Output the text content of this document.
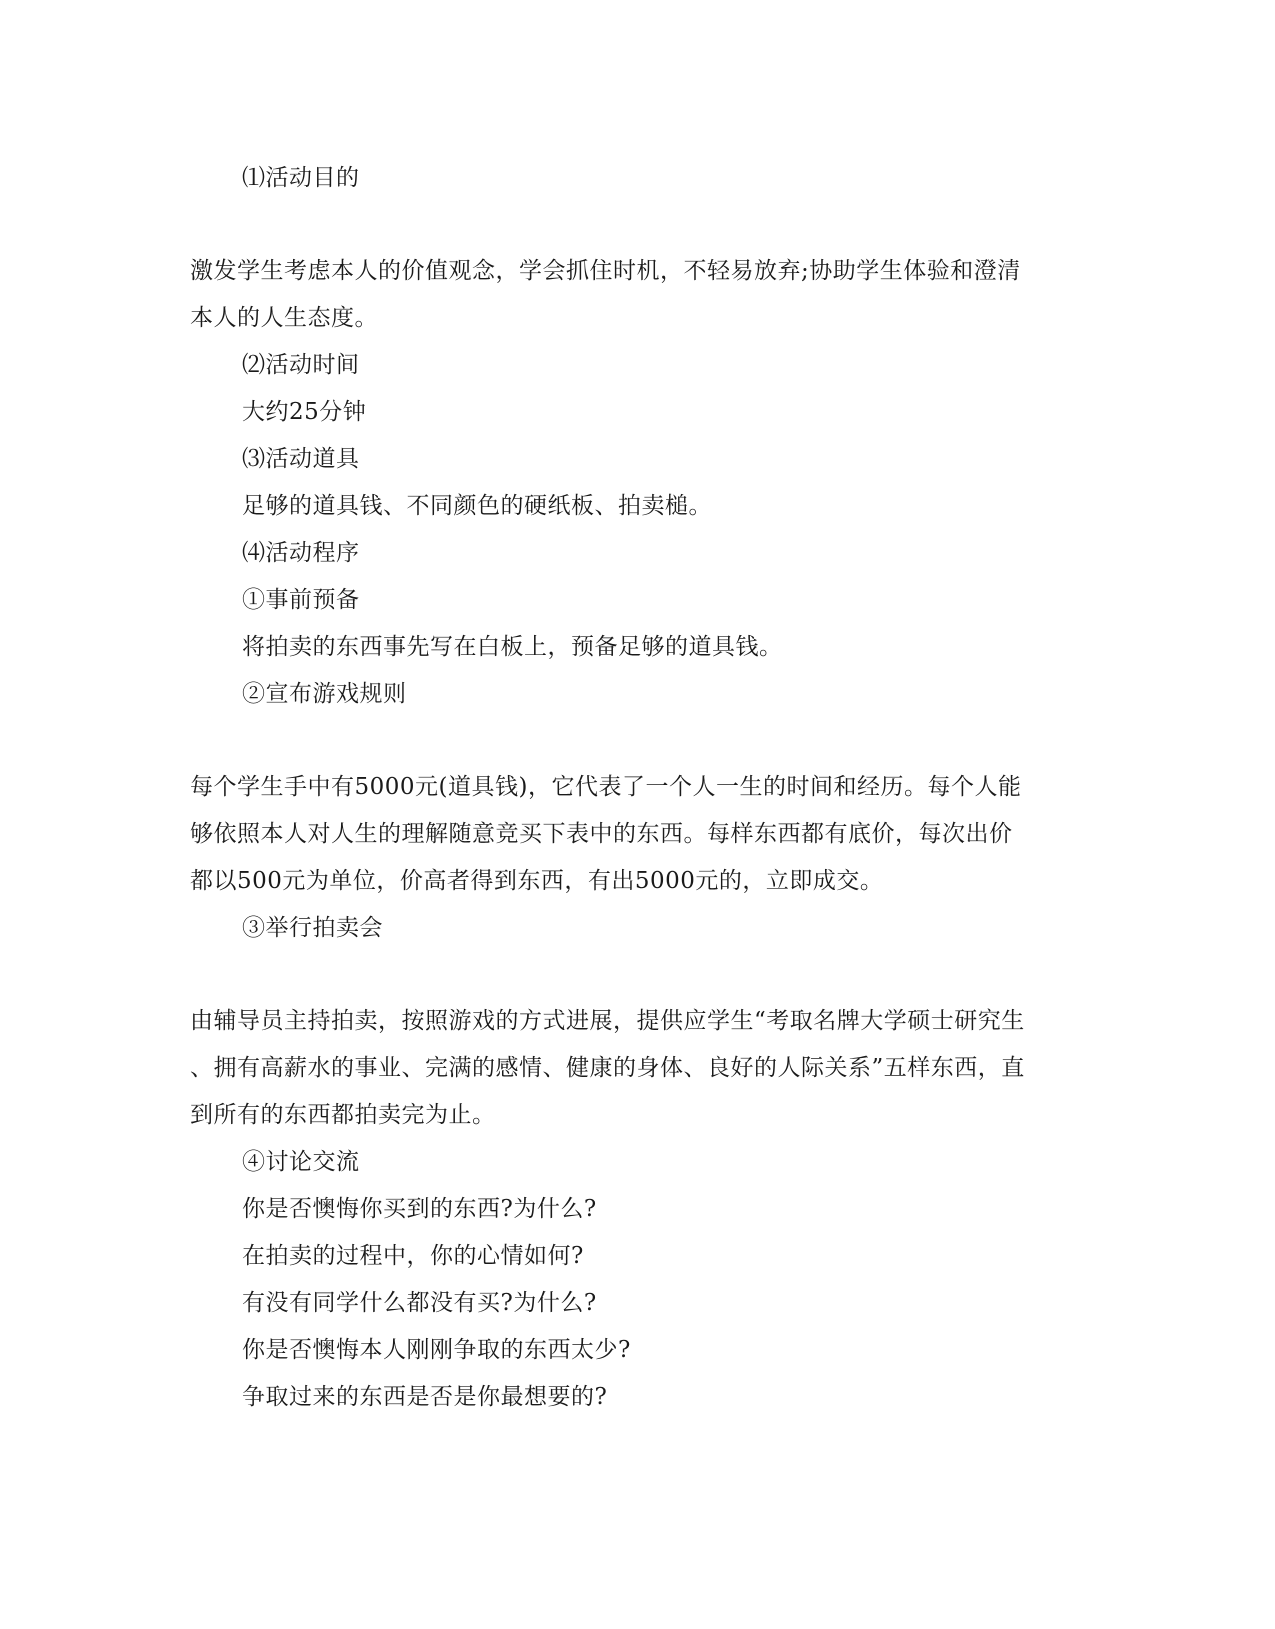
⑴活动目的
激发学生考虑本人的价值观念，学会抓住时机，不轻易放弃;协助学生体验和澄清
本人的人生态度。
⑵活动时间
大约25分钟
⑶活动道具
足够的道具钱、不同颜色的硬纸板、拍卖槌。
⑷活动程序
①事前预备
将拍卖的东西事先写在白板上，预备足够的道具钱。
②宣布游戏规则
每个学生手中有5000元(道具钱)，它代表了一个人一生的时间和经历。每个人能
够依照本人对人生的理解随意竞买下表中的东西。每样东西都有底价，每次出价
都以500元为单位，价高者得到东西，有出5000元的，立即成交。
③举行拍卖会
由辅导员主持拍卖，按照游戏的方式进展，提供应学生“考取名牌大学硕士研究生
、拥有高薪水的事业、完满的感情、健康的身体、良好的人际关系”五样东西，直
到所有的东西都拍卖完为止。
④讨论交流
你是否懊悔你买到的东西?为什么?
在拍卖的过程中，你的心情如何?
有没有同学什么都没有买?为什么?
你是否懊悔本人刚刚争取的东西太少?
争取过来的东西是否是你最想要的?
